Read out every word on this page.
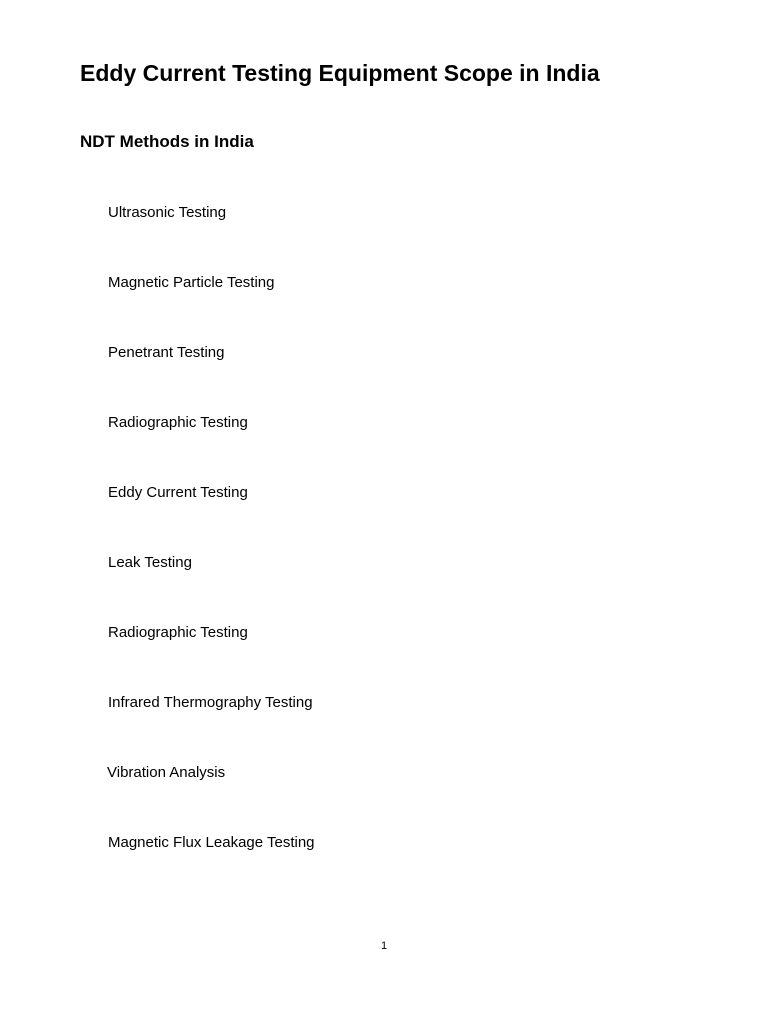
Eddy Current Testing Equipment Scope in India
NDT Methods in India
Ultrasonic Testing
Magnetic Particle Testing
Penetrant Testing
Radiographic Testing
Eddy Current Testing
Leak Testing
Radiographic Testing
Infrared Thermography Testing
Vibration Analysis
Magnetic Flux Leakage Testing
1
